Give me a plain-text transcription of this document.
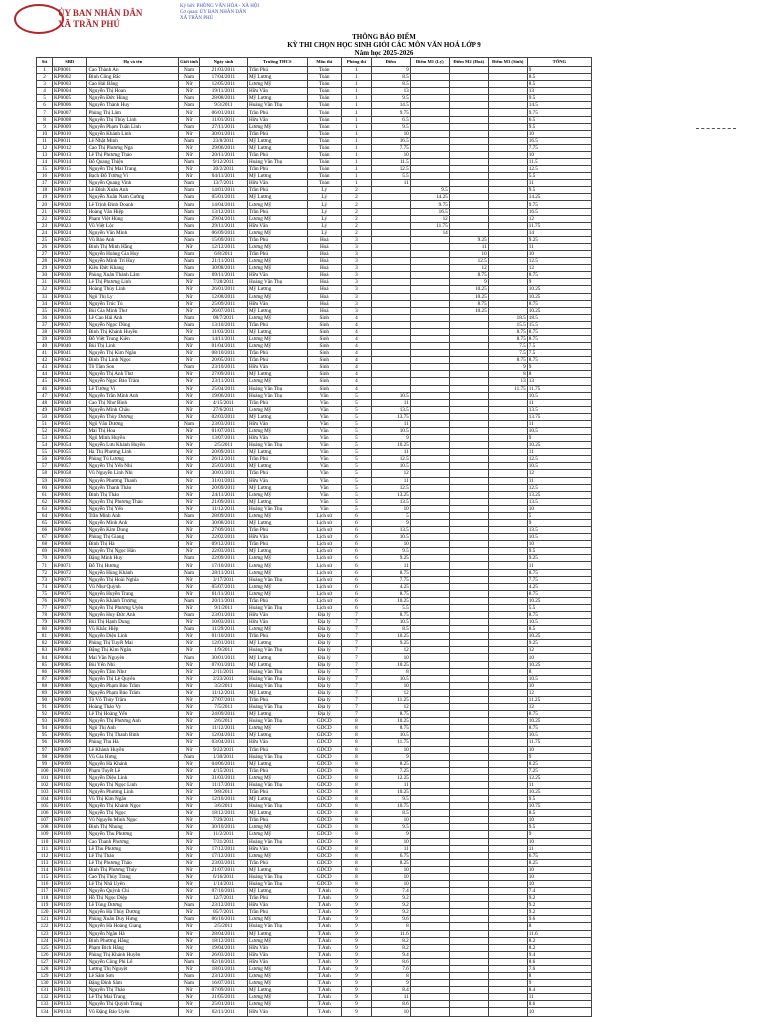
ỦY BAN NHÂN DÂN
XÃ TRẦN PHÚ
Ký bởi: PHÒNG VĂN HÓA - XÃ HỘI
Cơ quan: ỦY BAN NHÂN DÂN
XÃ TRẦN PHÚ
THÔNG BÁO ĐIỂM
KỲ THI CHỌN HỌC SINH GIỎI CÁC MÔN VĂN HOÁ LỚP 9
Năm học 2025-2026
Stt	SBD	Họ và tên	Giới tính	Ngày sinh	Trường THCS	Môn thi	Phòng thi	Điểm	Điểm M1 (Lý)	Điểm M2 (Hoá)	Điểm M3 (Sinh)	TỔNG
1	KP0001	Cao Thành An	Nam	21/03/2011	Trần Phú	Toán	1	9				9
2	KP0002	Đinh Công Bắc	Nam	17/04/2011	Mỹ Lương	Toán	1	8.5				8.5
3	KP0003	Cao Hải Băng	Nữ	12/05/2011	Lương Mỹ	Toán	1	8.5				8.5
4	KP0004	Nguyễn Thị Hoan	Nữ	19/11/2011	Hữu Văn	Toán	1	13				13
5	KP0005	Nguyễn Đức Hùng	Nam	28/08/2011	Mỹ Lương	Toán	1	9.5				9.5
6	KP0006	Nguyễn Thành Huy	Nam	9/3/2011	Hoàng Văn Thụ	Toán	1	14.5				14.5
7	KP0007	Phùng Thị Lâm	Nữ	06/01/2011	Trần Phú	Toán	1	9.75				9.75
8	KP0008	Nguyễn Thị Thùy Linh	Nữ	11/01/2011	Hữu Văn	Toán	1	6.5				6.5
9	KP0009	Nguyễn Phạm Tuấn Linh	Nam	27/11/2011	Lương Mỹ	Toán	1	9.5				9.5
10	KP0010	Nguyễn Khánh Linh	Nữ	30/01/2011	Trần Phú	Toán	1	10				10
11	KP0011	Lê Nhật Minh	Nam	23/8/2011	Mỹ Lương	Toán	1	16.5				16.5
12	KP0012	Cao Thị Phương Nga	Nữ	29/06/2011	Mỹ Lương	Toán	1	7.75				7.75
13	KP0013	Lê Thị Phương Thảo	Nữ	20/11/2011	Trần Phú	Toán	1	10				10
14	KP0014	Đỗ Quang Thiện	Nam	9/12/2011	Hoàng Văn Thụ	Toán	1	11.5				11.5
15	KP0015	Nguyễn Thị Mai Trang	Nữ	20/2/2011	Trần Phú	Toán	1	12.5				12.5
16	KP0016	Bạch Đỗ Tường Vi	Nữ	04/11/2011	Mỹ Lương	Toán	1	5.5				5.5
17	KP0017	Nguyễn Quang Vinh	Nam	13/7/2011	Hữu Văn	Toán	1	11				11
18	KP0018	Lê Đình Xuân Anh	Nam	14/01/2011	Trần Phú	Lý	2		9.5			9.5
19	KP0019	Nguyễn Xuân Nam Cường	Nam	05/01/2011	Mỹ Lương	Lý	2		14.25			14.25
20	KP0020	Lê Trịnh Đình Doanh	Nam	14/04/2011	Lương Mỹ	Lý	2		9.75			9.75
21	KP0021	Hoàng Văn Hiệp	Nam	13/12/2011	Trần Phú	Lý	2		16.5			16.5
22	KP0022	Phạm Việt Hùng	Nam	29/04/2011	Lương Mỹ	Lý	2		12			12
23	KP0023	Vũ Việt Lộc	Nam	29/11/2011	Hữu Văn	Lý	2		11.75			11.75
24	KP0024	Nguyễn Văn Minh	Nam	06/09/2011	Lương Mỹ	Lý	2		14			14
25	KP0025	Vũ Bảo Anh	Nam	15/09/2011	Trần Phú	Hoá	3			9.25		9.25
26	KP0026	Đinh Thị Minh Hằng	Nữ	12/12/2011	Lương Mỹ	Hoá	3			11		11
27	KP0027	Nguyễn Hoàng Gia Huy	Nam	6/8/2011	Trần Phú	Hoá	3			10		10
28	KP0028	Nguyễn Minh Trí Huy	Nam	21/11/2011	Lương Mỹ	Hoá	3			12.5		12.5
29	KP0029	Kiều Đức Khang	Nam	30/08/2011	Lương Mỹ	Hoá	3			12		12
30	KP0030	Phùng Xuân Thành Lâm	Nam	09/11/2011	Hữu Văn	Hoá	3			8.75		8.75
31	KP0031	Lê Thị Phương Linh	Nữ	7/28/2011	Hoàng Văn Thụ	Hoá	3			9		9
32	KP0032	Hoàng Thùy Linh	Nữ	26/01/2011	Mỹ Lương	Hoá	3			10.25		10.25
33	KP0033	Ngô Thị Ly	Nữ	12/08/2011	Lương Mỹ	Hoá	3			10.25		10.25
34	KP0034	Nguyễn Trúc Tú	Nữ	25/09/2011	Hữu Văn	Hoá	3			8.75		8.75
35	KP0035	Bùi Gia Minh Thư	Nữ	26/07/2011	Mỹ Lương	Hoá	3			10.25		10.25
36	KP0036	Lê Cao Hải Anh	Nam	08/7/2011	Lương Mỹ	Sinh	4				18.5	18.5
37	KP0037	Nguyễn Ngọc Dũng	Nam	13/10/2011	Trần Phú	Sinh	4				15.5	15.5
38	KP0038	Đinh Thị Khánh Huyền	Nữ	11/03/2011	Mỹ Lương	Sinh	4				8.75	8.75
39	KP0039	Đỗ Việt Trung Kiên	Nam	14/11/2011	Lương Mỹ	Sinh	4				8.75	8.75
40	KP0040	Bùi Thị Linh	Nữ	01/04/2011	Lương Mỹ	Sinh	4				7.5	7.5
41	KP0041	Nguyễn Thị Kim Ngân	Nữ	08/10/2011	Trần Phú	Sinh	4				7.5	7.5
42	KP0042	Đinh Thị Linh Ngọc	Nữ	20/05/2011	Trần Phú	Sinh	4				8.75	8.75
43	KP0043	Tô Tâm Son	Nam	23/10/2011	Hữu Văn	Sinh	4				9	9
44	KP0044	Nguyễn Thị Anh Thư	Nữ	27/09/2011	Mỹ Lương	Sinh	4				8	8
45	KP0045	Nguyễn Ngọc Bảo Trâm	Nữ	23/11/2011	Lương Mỹ	Sinh	4				13	13
46	KP0046	Lê Tường Vi	Nữ	25/04/2011	Hoàng Văn Thụ	Sinh	4				11.75	11.75
47	KP0047	Nguyễn Trần Minh Anh	Nữ	19/06/2011	Hoàng Văn Thụ	Văn	5	10.5				10.5
48	KP0048	Cao Thị Như Bình	Nữ	4/15/2011	Trần Phú	Văn	5	11				11
49	KP0049	Nguyễn Minh Châu	Nữ	27/6/2011	Lương Mỹ	Văn	5	13.5				13.5
50	KP0050	Nguyễn Thùy Dương	Nữ	02/03/2011	Mỹ Lương	Văn	5	13.75				13.75
51	KP0051	Ngô Văn Dương	Nam	23/03/2011	Hữu Văn	Văn	5	11				11
52	KP0052	Mai Thị Hoa	Nữ	01/07/2011	Lương Mỹ	Văn	5	10.5				10.5
53	KP0053	Ngô Minh Huyền	Nữ	13/07/2011	Hữu Văn	Văn	5	9				9
54	KP0054	Nguyễn Lưu Khánh Huyền	Nữ	2/5/2011	Hoàng Văn Thụ	Văn	5	10.25				10.25
55	KP0055	Hà Thị Phương Linh	Nữ	20/09/2011	Mỹ Lương	Văn	5	11				11
56	KP0056	Phùng Tú Lương	Nữ	26/12/2011	Trần Phú	Văn	5	12.5				12.5
57	KP0057	Nguyễn Thị Yến Nhi	Nữ	25/03/2011	Mỹ Lương	Văn	5	10.5				10.5
58	KP0058	Vũ Nguyễn Linh Nhi	Nữ	30/01/2011	Trần Phú	Văn	5	12				12
59	KP0059	Nguyễn Phương Thanh	Nữ	31/01/2011	Hữu Văn	Văn	5	11				11
60	KP0060	Nguyễn Thanh Thảo	Nữ	20/09/2011	Mỹ Lương	Văn	5	12.5				12.5
61	KP0061	Đinh Thị Thảo	Nữ	24/11/2011	Lương Mỹ	Văn	5	13.25				13.25
62	KP0062	Nguyễn Thị Phương Thảo	Nữ	21/09/2011	Mỹ Lương	Văn	5	13.5				13.5
63	KP0063	Nguyễn Thị Yến	Nữ	11/12/2011	Hoàng Văn Thụ	Văn	5	10				10
64	KP0064	Trần Minh Anh	Nam	28/09/2011	Lương Mỹ	Lịch sử	6	5				5
65	KP0065	Nguyễn Minh Anh	Nữ	30/08/2011	Mỹ Lương	Lịch sử	6	9				9
66	KP0066	Nguyễn Kim Dung	Nữ	27/09/2011	Trần Phú	Lịch sử	6	13.5				13.5
67	KP0067	Phùng Thị Giang	Nữ	22/02/2011	Hữu Văn	Lịch sử	6	10.5				10.5
68	KP0068	Đinh Thị Hà	Nữ	09/12/2011	Trần Phú	Lịch sử	6	10				10
69	KP0069	Nguyễn Thị Ngọc Hân	Nữ	22/03/2011	Mỹ Lương	Lịch sử	6	9.5				9.5
70	KP0070	Đặng Minh Huy	Nam	22/09/2011	Lương Mỹ	Lịch sử	6	9.25				9.25
71	KP0071	Đỗ Thị Hương	Nữ	17/10/2011	Lương Mỹ	Lịch sử	6	11				11
72	KP0072	Nguyễn Hùng Khánh	Nam	28/11/2011	Lương Mỹ	Lịch sử	6	8.75				8.75
73	KP0073	Nguyễn Thị Hoài Nghĩa	Nữ	3/17/2011	Hoàng Văn Thụ	Lịch sử	6	7.75				7.75
74	KP0074	Vũ Như Quỳnh	Nữ	05/07/2011	Lương Mỹ	Lịch sử	6	4.25				4.25
75	KP0075	Nguyễn Huyền Trang	Nữ	01/11/2011	Lương Mỹ	Lịch sử	6	8.75				8.75
76	KP0076	Nguyễn Khánh Trường	Nam	20/11/2011	Trần Phú	Lịch sử	6	10.25				10.25
77	KP0077	Nguyễn Thị Phương Uyên	Nữ	9/1/2011	Hoàng Văn Thụ	Lịch sử	6	5.5				5.5
78	KP0078	Nguyễn Huy Đức Anh	Nam	23/01/2011	Hữu Văn	Địa lý	7	8.75				8.75
79	KP0079	Bùi Thị Hạnh Dung	Nữ	10/03/2011	Hữu Văn	Địa lý	7	10.5				10.5
80	KP0080	Vũ Khắc Hiệp	Nam	11/29/2011	Lương Mỹ	Địa lý	7	8.5				8.5
81	KP0081	Nguyễn Diệu Linh	Nữ	01/10/2011	Trần Phú	Địa lý	7	10.25				10.25
82	KP0082	Phùng Thị Tuyết Mai	Nữ	12/01/2011	Mỹ Lương	Địa lý	7	9.25				9.25
83	KP0083	Đặng Thị Kim Ngân	Nữ	1/9/2011	Hoàng Văn Thụ	Địa lý	7	12				12
84	KP0084	Mai Văn Nguyên	Nam	30/01/2011	Mỹ Lương	Địa lý	7	10				10
85	KP0085	Bùi Yến Nhi	Nữ	07/01/2011	Mỹ Lương	Địa lý	7	10.25				10.25
86	KP0086	Nguyễn Tâm Như	Nữ	2/11/2011	Hoàng Văn Thụ	Địa lý	7	8				8
87	KP0087	Nguyễn Thị Lệ Quyên	Nữ	2/23/2011	Hoàng Văn Thụ	Địa lý	7	10.5				10.5
88	KP0088	Nguyễn Phạm Bảo Trâm	Nữ	3/2/2011	Hoàng Văn Thụ	Địa lý	7	10				10
89	KP0089	Nguyễn Phạm Bảo Trâm	Nữ	11/12/2011	Mỹ Lương	Địa lý	7	12				12
90	KP0090	Tô Võ Thùy Trâm	Nữ	27/07/2011	Trần Phú	Địa lý	7	11.25				11.25
91	KP0091	Hoàng Thảo Vy	Nữ	7/5/2011	Hoàng Văn Thụ	Địa lý	7	12				12
92	KP0092	Lê Thị Hoàng Yến	Nữ	24/09/2011	Mỹ Lương	Địa lý	7	8.75				8.75
93	KP0093	Nguyễn Thị Phương Anh	Nữ	2/6/2011	Hoàng Văn Thụ	GDCD	8	10.25				10.25
94	KP0094	Ngô Thị Anh	Nữ	11/12/2011	Lương Mỹ	GDCD	8	8.75				8.75
95	KP0095	Nguyễn Thị Thanh Bình	Nữ	12/04/2011	Mỹ Lương	GDCD	8	10.5				10.5
96	KP0096	Phùng Thu Hà	Nữ	03/04/2011	Hữu Văn	GDCD	8	11.75				11.75
97	KP0097	Lê Khánh Huyền	Nữ	9/22/2011	Trần Phú	GDCD	8	10				10
98	KP0098	Vũ Gia Hưng	Nam	1/30/2011	Hoàng Văn Thụ	GDCD	8	9				9
99	KP0099	Nguyễn Hà Khánh	Nữ	04/06/2011	Mỹ Lương	GDCD	8	8.25				8.25
100	KP0100	Phạm Tuyết Lê	Nữ	4/15/2011	Trần Phú	GDCD	8	7.25				7.25
101	KP0101	Nguyễn Diệu Linh	Nữ	31/03/2011	Lương Mỹ	GDCD	8	12.25				12.25
102	KP0102	Nguyễn Thị Ngọc Linh	Nữ	11/17/2011	Hoàng Văn Thụ	GDCD	8	11				11
103	KP0103	Nguyễn Phương Linh	Nữ	9/8/2011	Trần Phú	GDCD	8	10.25				10.25
104	KP0104	Vũ Thị Kim Ngân	Nữ	12/10/2011	Mỹ Lương	GDCD	8	9.5				9.5
105	KP0105	Nguyễn Thị Khánh Ngọc	Nữ	3/6/2011	Hoàng Văn Thụ	GDCD	8	10.75				10.75
106	KP0106	Nguyễn Thị Ngọc	Nữ	18/12/2011	Mỹ Lương	GDCD	8	8.5				8.5
107	KP0107	Vũ Nguyễn Minh Ngọc	Nữ	7/29/2011	Trần Phú	GDCD	8	10				10
108	KP0108	Đinh Thị Nhung	Nữ	30/10/2011	Lương Mỹ	GDCD	8	9.5				9.5
109	KP0109	Nguyễn Thu Phương	Nữ	11/2/2011	Lương Mỹ	GDCD	8	9				9
110	KP0110	Cao Thanh Phương	Nữ	7/31/2011	Hoàng Văn Thụ	GDCD	8	10				10
111	KP0111	Lê Thu Phương	Nữ	17/12/2011	Hữu Văn	GDCD	8	11				11
112	KP0112	Lê Thị Thảo	Nữ	17/12/2011	Lương Mỹ	GDCD	8	6.75				6.75
113	KP0113	Lê Thị Phương Thảo	Nữ	23/03/2011	Trần Phú	GDCD	8	8.25				8.25
114	KP0114	Đinh Thị Phương Thúy	Nữ	21/07/2011	Mỹ Lương	GDCD	8	10				10
115	KP0115	Cao Thị Thùy Trang	Nữ	6/16/2011	Hoàng Văn Thụ	GDCD	8	10				10
116	KP0116	Lê Thị Nhã Uyên	Nữ	1/14/2011	Hoàng Văn Thụ	GDCD	8	10				10
117	KP0117	Nguyễn Quỳnh Chi	Nữ	07/10/2011	Mỹ Lương	T.Anh	9	7.4				7.4
118	KP0118	Hồ Thị Ngọc Diệp	Nữ	12/7/2011	Trần Phú	T.Anh	9	9.2				9.2
119	KP0119	Lê Tùng Dương	Nam	23/12/2011	Hữu Văn	T.Anh	9	9.2				9.2
120	KP0120	Nguyễn Hà Thùy Dương	Nữ	05/7/2011	Trần Phú	T.Anh	9	9.2				9.2
121	KP0121	Phùng Xuân Duy Hưng	Nam	06/10/2011	Lương Mỹ	T.Anh	9	9.6				9.6
122	KP0122	Nguyễn Hà Hoàng Giang	Nữ	2/5/2011	Hoàng Văn Thụ	T.Anh	9	8				8
123	KP0123	Nguyễn Ngân Hà	Nữ	28/04/2011	Mỹ Lương	T.Anh	9	11.6				11.6
124	KP0124	Đinh Phương Hằng	Nữ	18/12/2011	Lương Mỹ	T.Anh	9	8.2				8.2
125	KP0125	Phạm Bích Hằng	Nữ	19/04/2011	Hữu Văn	T.Anh	9	8.2				8.2
126	KP0126	Phùng Thị Khánh Huyền	Nữ	26/03/2011	Hữu Văn	T.Anh	9	9.4				9.4
127	KP0127	Nguyễn Công Phi Lê	Nam	02/10/2011	Hữu Văn	T.Anh	9	8.6				8.6
128	KP0128	Lương Thị Nguyệt	Nữ	18/01/2011	Lương Mỹ	T.Anh	9	7.6				7.6
129	KP0129	Lê Sâm Sơn	Nam	23/12/2011	Lương Mỹ	T.Anh	9	8				8
130	KP0130	Đặng Đình Sâm	Nam	16/07/2011	Lương Mỹ	T.Anh	9	9				9
131	KP0131	Nguyễn Thị Thảo	Nữ	07/09/2011	Mỹ Lương	T.Anh	9	8.4				8.4
132	KP0132	Lê Thị Mai Trang	Nữ	21/05/2011	Lương Mỹ	T.Anh	9	11				11
133	KP0133	Nguyễn Thị Quỳnh Trang	Nữ	25/01/2011	Lương Mỹ	T.Anh	9	8.6				8.6
134	KP0134	Vũ Đặng Bảo Uyên	Nữ	02/11/2011	Hữu Văn	T.Anh	9	10				10
